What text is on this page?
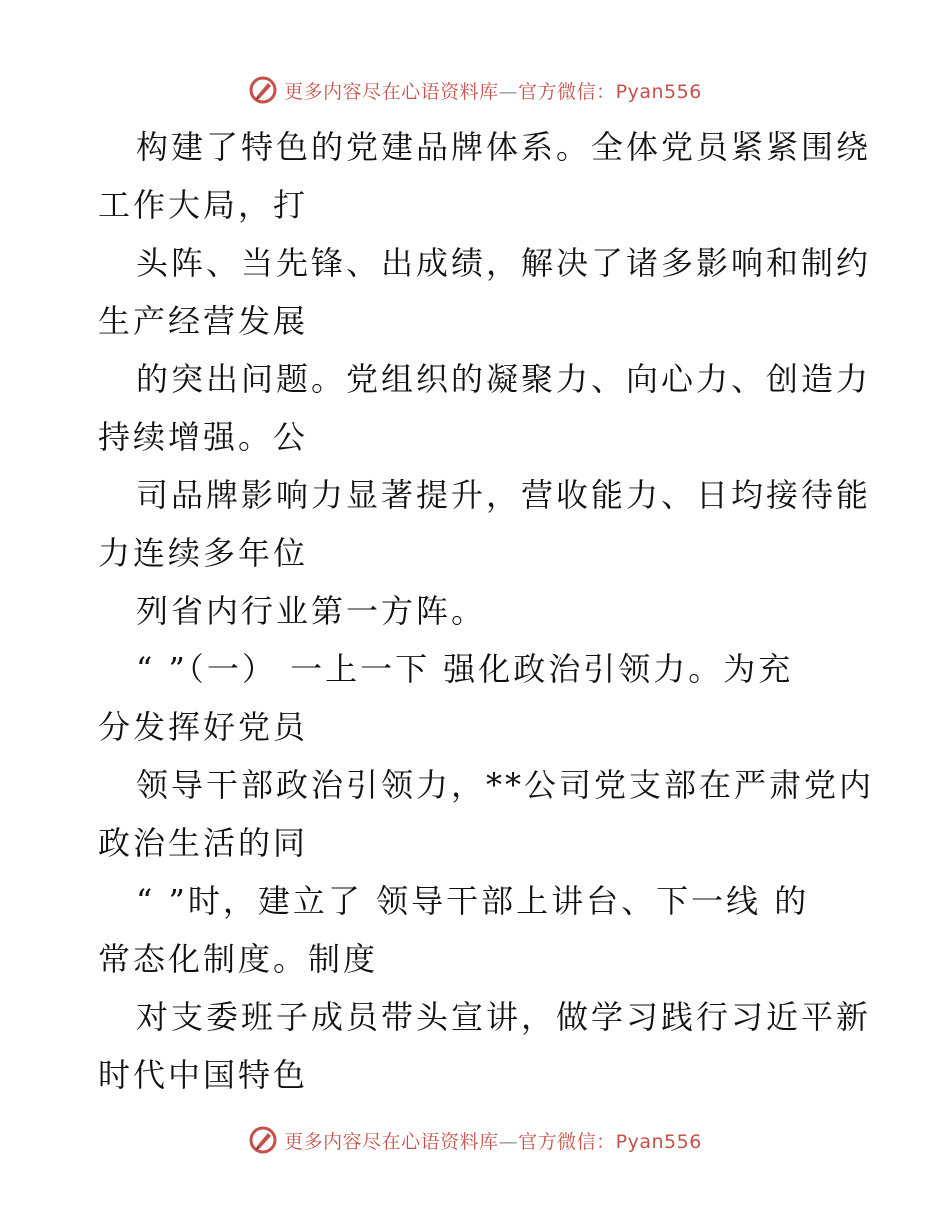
更多内容尽在心语资料库—官方微信：Pyan556
构建了特色的党建品牌体系。全体党员紧紧围绕
工作大局，打
头阵、当先锋、出成绩，解决了诸多影响和制约
生产经营发展
的突出问题。党组织的凝聚力、向心力、创造力
持续增强。公
司品牌影响力显著提升，营收能力、日均接待能
力连续多年位
列省内行业第一方阵。
“ ”（一） 一上一下 强化政治引领力。为充
分发挥好党员
领导干部政治引领力，**公司党支部在严肃党内
政治生活的同
“ ”时，建立了 领导干部上讲台、下一线 的
常态化制度。制度
对支委班子成员带头宣讲，做学习践行习近平新
时代中国特色
更多内容尽在心语资料库—官方微信：Pyan556
